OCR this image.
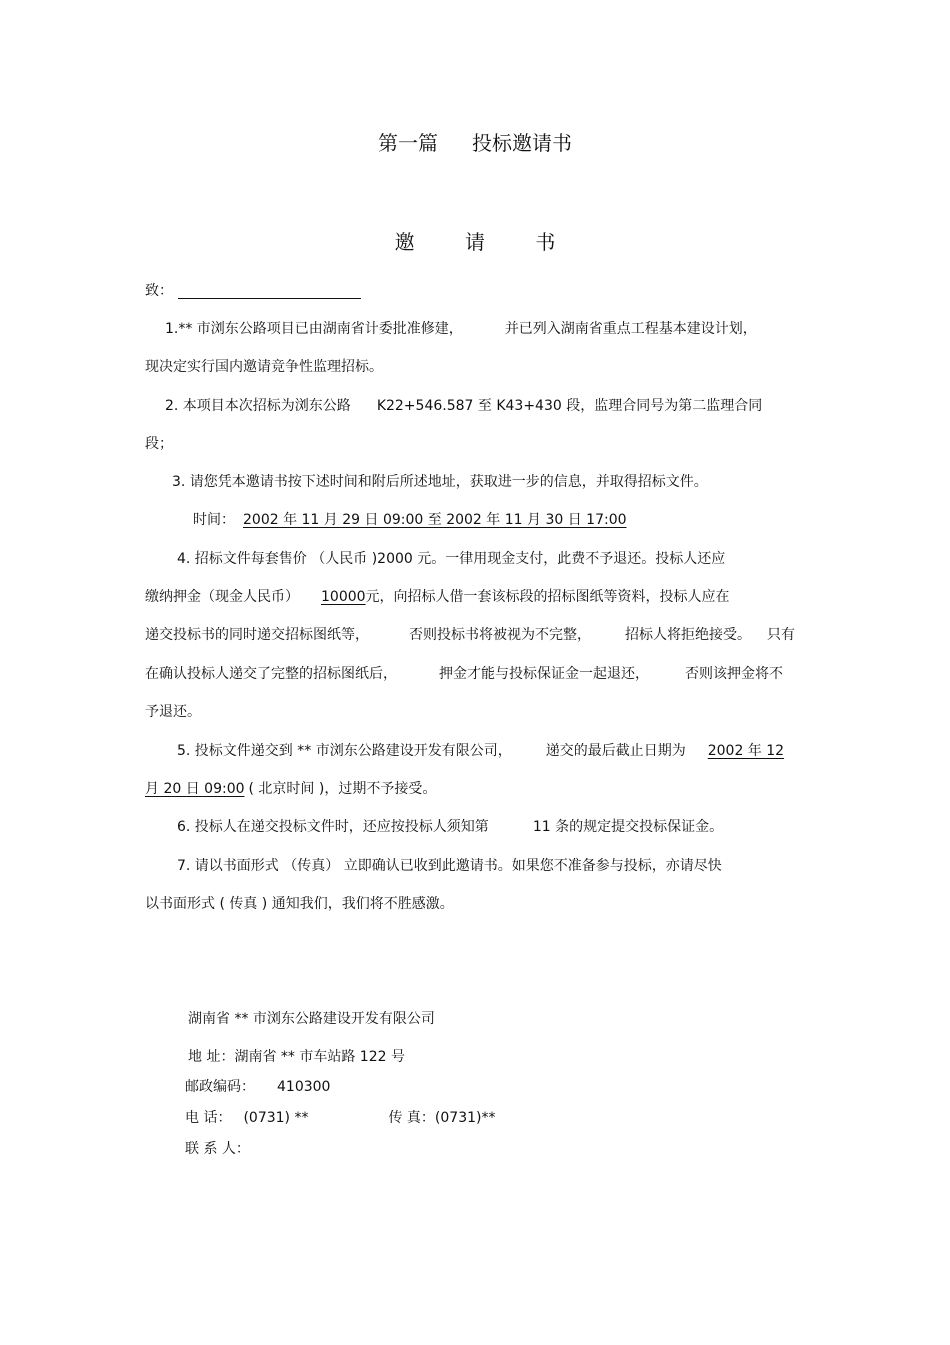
第一篇 投标邀请书
邀 请 书
致：
1.** 市浏东公路项目已由湖南省计委批准修建，	并已列入湖南省重点工程基本建设计划，
现决定实行国内邀请竞争性监理招标。
2. 本项目本次招标为浏东公路 K22+546.587 至 K43+430 段，监理合同号为第二监理合同
段；
3. 请您凭本邀请书按下述时间和附后所述地址，获取进一步的信息，并取得招标文件。
时间： 2002 年 11 月 29 日 09:00 至 2002 年 11 月 30 日 17:00
4. 招标文件每套售价 （人民币 )2000 元。一律用现金支付，此费不予退还。投标人还应
缴纳押金（现金人民币） 10000元，向招标人借一套该标段的招标图纸等资料，投标人应在
递交投标书的同时递交招标图纸等，	否则投标书将被视为不完整， 招标人将拒绝接受。 只有
在确认投标人递交了完整的招标图纸后，	押金才能与投标保证金一起退还，	否则该押金将不
予退还。
5. 投标文件递交到 ** 市浏东公路建设开发有限公司， 递交的最后截止日期为 2002 年 12
月 20 日 09:00 ( 北京时间 )，过期不予接受。
6. 投标人在递交投标文件时，还应按投标人须知第	11 条的规定提交投标保证金。
7. 请以书面形式 （传真） 立即确认已收到此邀请书。如果您不准备参与投标，亦请尽快
以书面形式 ( 传真 ) 通知我们，我们将不胜感激。
湖南省 ** 市浏东公路建设开发有限公司
地 址：湖南省 ** 市车站路 122 号
邮政编码： 410300
电 话： (0731) **	传 真：(0731)**
联 系 人：
